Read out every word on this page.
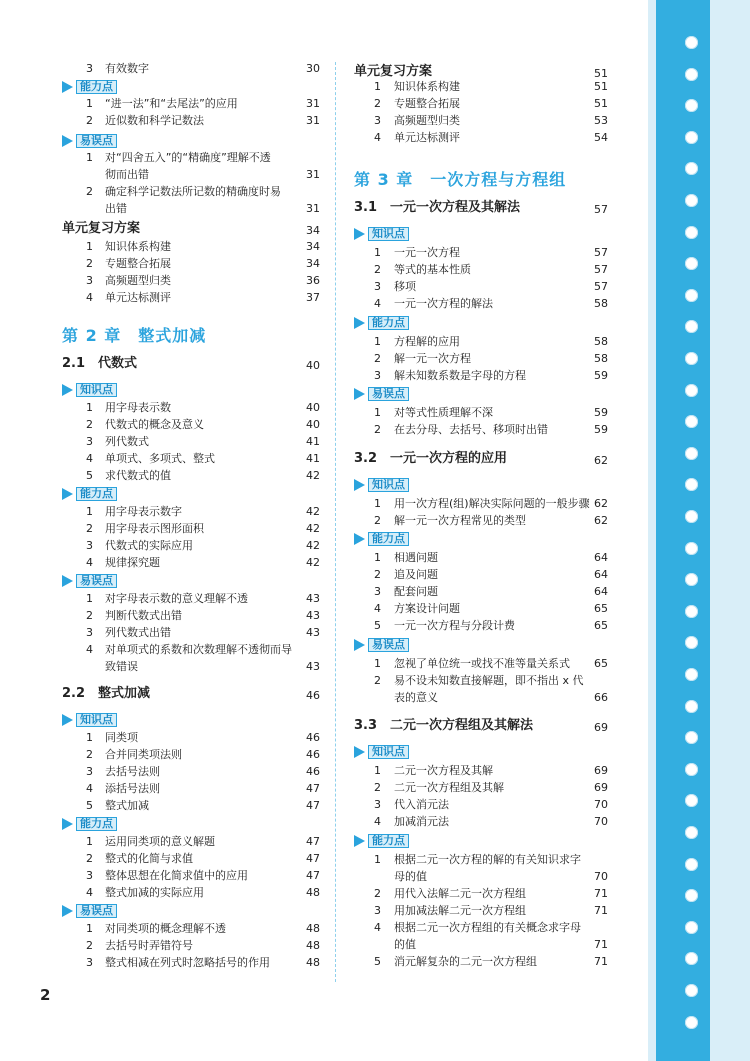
3 有效数字	30
能力点
1 “进一法”和“去尾法”的应用	31
2 近似数和科学记数法	31
易误点
1 对“四舍五入”的“精确度”理解不透
彻而出错	31
2 确定科学记数法所记数的精确度时易
出错	31
单元复习方案	34
1 知识体系构建	34
2 专题整合拓展	34
3 高频题型归类	36
4 单元达标测评	37
第 2 章　整式加减
2.1　代数式	40
知识点
1 用字母表示数	40
2 代数式的概念及意义	40
3 列代数式	41
4 单项式、多项式、整式	41
5 求代数式的值	42
能力点
1 用字母表示数字	42
2 用字母表示图形面积	42
3 代数式的实际应用	42
4 规律探究题	42
易误点
1 对字母表示数的意义理解不透	43
2 判断代数式出错	43
3 列代数式出错	43
4 对单项式的系数和次数理解不透彻而导
致错误	43
2.2　整式加减	46
知识点
1 同类项	46
2 合并同类项法则	46
3 去括号法则	46
4 添括号法则	47
5 整式加减	47
能力点
1 运用同类项的意义解题	47
2 整式的化简与求值	47
3 整体思想在化简求值中的应用	47
4 整式加减的实际应用	48
易误点
1 对同类项的概念理解不透	48
2 去括号时弄错符号	48
3 整式相减在列式时忽略括号的作用	48
单元复习方案	51
1 知识体系构建	51
2 专题整合拓展	51
3 高频题型归类	53
4 单元达标测评	54
第 3 章　一次方程与方程组
3.1　一元一次方程及其解法	57
知识点
1 一元一次方程	57
2 等式的基本性质	57
3 移项	57
4 一元一次方程的解法	58
能力点
1 方程解的应用	58
2 解一元一次方程	58
3 解未知数系数是字母的方程	59
易误点
1 对等式性质理解不深	59
2 在去分母、去括号、移项时出错	59
3.2　一元一次方程的应用	62
知识点
1 用一次方程(组)解决实际问题的一般步骤 62
2 解一元一次方程常见的类型	62
能力点
1 相遇问题	64
2 追及问题	64
3 配套问题	64
4 方案设计问题	65
5 一元一次方程与分段计费	65
易误点
1 忽视了单位统一或找不准等量关系式 65
2 易不设未知数直接解题，即不指出 x 代
表的意义	66
3.3　二元一次方程组及其解法	69
知识点
1 二元一次方程及其解	69
2 二元一次方程组及其解	69
3 代入消元法	70
4 加减消元法	70
能力点
1 根据二元一次方程的解的有关知识求字
母的值	70
2 用代入法解二元一次方程组	71
3 用加减法解二元一次方程组	71
4 根据二元一次方程组的有关概念求字母
的值	71
5 消元解复杂的二元一次方程组	71
2
